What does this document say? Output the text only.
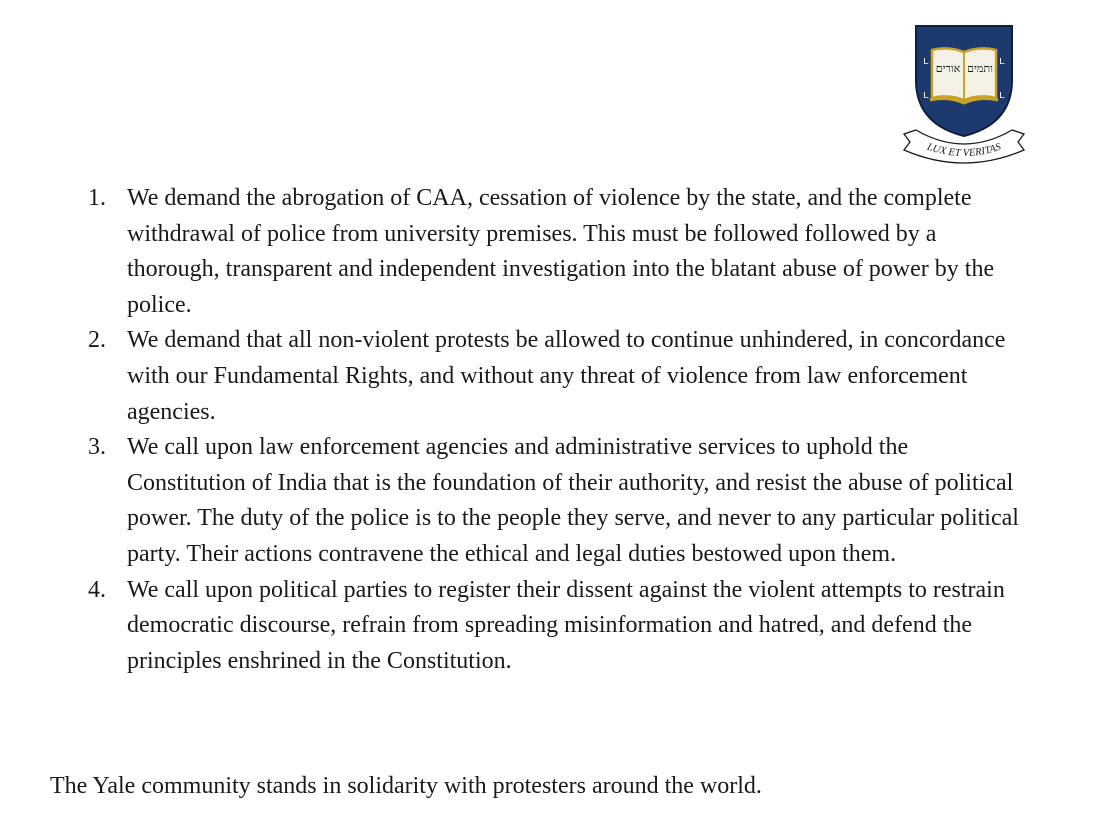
ʟ	ʟ
ʟ	ʟ
אורים ותמים
LUX ET VERITAS
1. We demand the abrogation of CAA, cessation of violence by the state, and the complete withdrawal of police from university premises. This must be followed followed by a thorough, transparent and independent investigation into the blatant abuse of power by the police.
2. We demand that all non-violent protests be allowed to continue unhindered, in concordance with our Fundamental Rights, and without any threat of violence from law enforcement agencies.
3. We call upon law enforcement agencies and administrative services to uphold the Constitution of India that is the foundation of their authority, and resist the abuse of political power. The duty of the police is to the people they serve, and never to any particular political party. Their actions contravene the ethical and legal duties bestowed upon them.
4. We call upon political parties to register their dissent against the violent attempts to restrain democratic discourse, refrain from spreading misinformation and hatred, and defend the principles enshrined in the Constitution.

The Yale community stands in solidarity with protesters around the world.
